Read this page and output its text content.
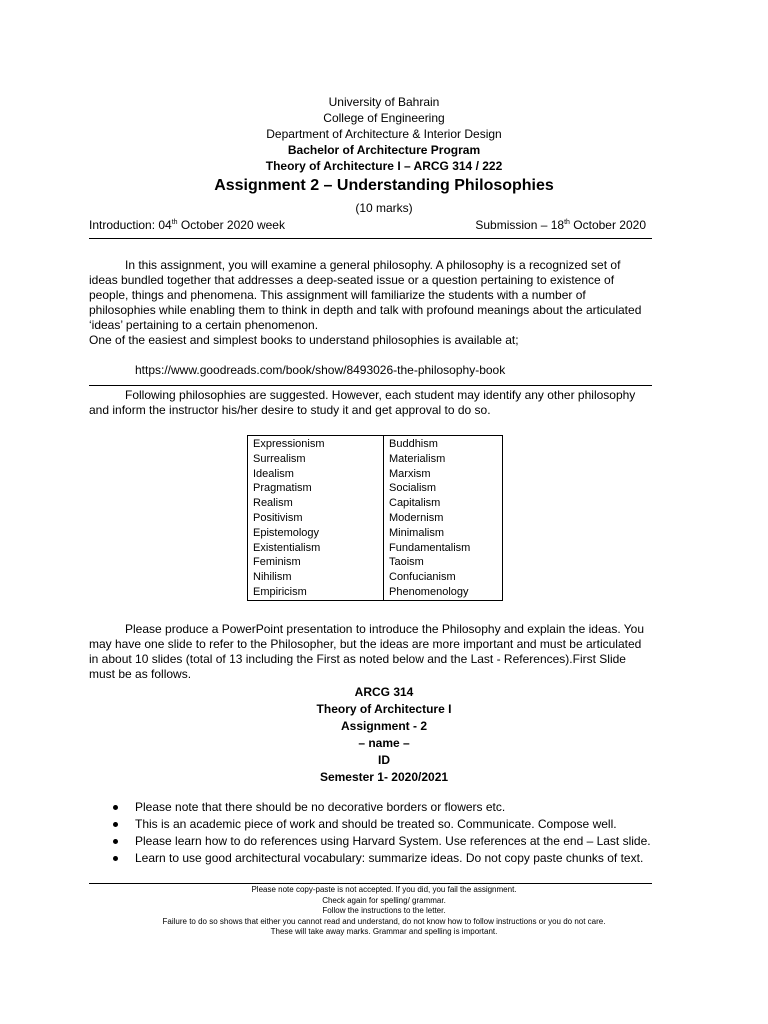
University of Bahrain
College of Engineering
Department of Architecture & Interior Design
Bachelor of Architecture Program
Theory of Architecture I – ARCG 314 / 222
Assignment 2 – Understanding Philosophies
(10 marks)
Introduction: 04th October 2020 week	Submission – 18th October 2020
In this assignment, you will examine a general philosophy. A philosophy is a recognized set of ideas bundled together that addresses a deep-seated issue or a question pertaining to existence of people, things and phenomena. This assignment will familiarize the students with a number of philosophies while enabling them to think in depth and talk with profound meanings about the articulated ‘ideas’ pertaining to a certain phenomenon.
One of the easiest and simplest books to understand philosophies is available at;
https://www.goodreads.com/book/show/8493026-the-philosophy-book
Following philosophies are suggested. However, each student may identify any other philosophy and inform the instructor his/her desire to study it and get approval to do so.
Expressionism	Buddhism
Surrealism	Materialism
Idealism	Marxism
Pragmatism	Socialism
Realism	Capitalism
Positivism	Modernism
Epistemology	Minimalism
Existentialism	Fundamentalism
Feminism	Taoism
Nihilism	Confucianism
Empiricism	Phenomenology
Please produce a PowerPoint presentation to introduce the Philosophy and explain the ideas. You may have one slide to refer to the Philosopher, but the ideas are more important and must be articulated in about 10 slides (total of 13 including the First as noted below and the Last - References).First Slide must be as follows.
ARCG 314
Theory of Architecture I
Assignment - 2
– name –
ID
Semester 1- 2020/2021
Please note that there should be no decorative borders or flowers etc.
This is an academic piece of work and should be treated so. Communicate. Compose well.
Please learn how to do references using Harvard System. Use references at the end – Last slide.
Learn to use good architectural vocabulary: summarize ideas. Do not copy paste chunks of text.
Please note copy-paste is not accepted. If you did, you fail the assignment.
Check again for spelling/ grammar.
Follow the instructions to the letter.
Failure to do so shows that either you cannot read and understand, do not know how to follow instructions or you do not care.
These will take away marks. Grammar and spelling is important.
